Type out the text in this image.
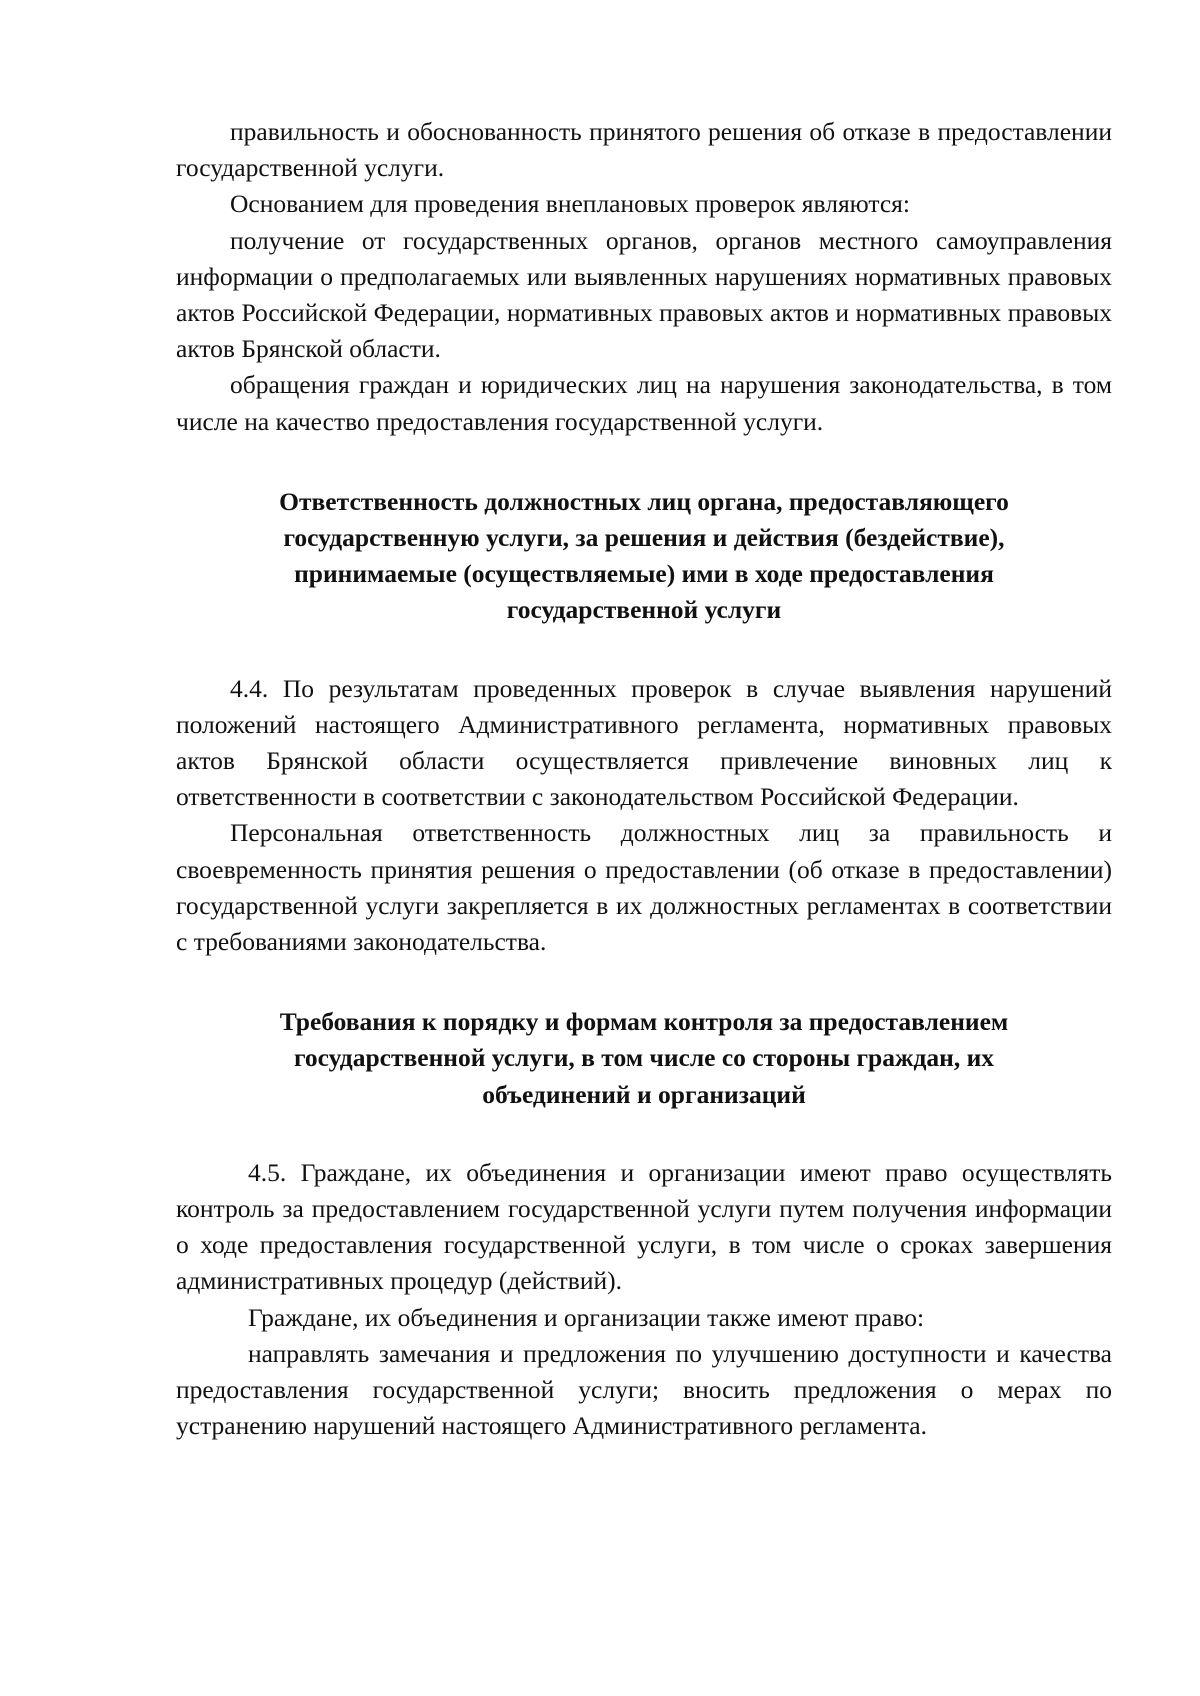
правильность и обоснованность принятого решения об отказе в предоставлении государственной услуги.

Основанием для проведения внеплановых проверок являются:

получение от государственных органов, органов местного самоуправления информации о предполагаемых или выявленных нарушениях нормативных правовых актов Российской Федерации, нормативных правовых актов и нормативных правовых актов Брянской области.

обращения граждан и юридических лиц на нарушения законодательства, в том числе на качество предоставления государственной услуги.

Ответственность должностных лиц органа, предоставляющего
государственную услуги, за решения и действия (бездействие),
принимаемые (осуществляемые) ими в ходе предоставления
государственной услуги

4.4. По результатам проведенных проверок в случае выявления нарушений положений настоящего Административного регламента, нормативных правовых актов Брянской области осуществляется привлечение виновных лиц к ответственности в соответствии с законодательством Российской Федерации.

Персональная ответственность должностных лиц за правильность и своевременность принятия решения о предоставлении (об отказе в предоставлении) государственной услуги закрепляется в их должностных регламентах в соответствии с требованиями законодательства.

Требования к порядку и формам контроля за предоставлением
государственной услуги, в том числе со стороны граждан, их
объединений и организаций

4.5. Граждане, их объединения и организации имеют право осуществлять контроль за предоставлением государственной услуги путем получения информации о ходе предоставления государственной услуги, в том числе о сроках завершения административных процедур (действий).

Граждане, их объединения и организации также имеют право:

направлять замечания и предложения по улучшению доступности и качества предоставления государственной услуги; вносить предложения о мерах по устранению нарушений настоящего Административного регламента.
